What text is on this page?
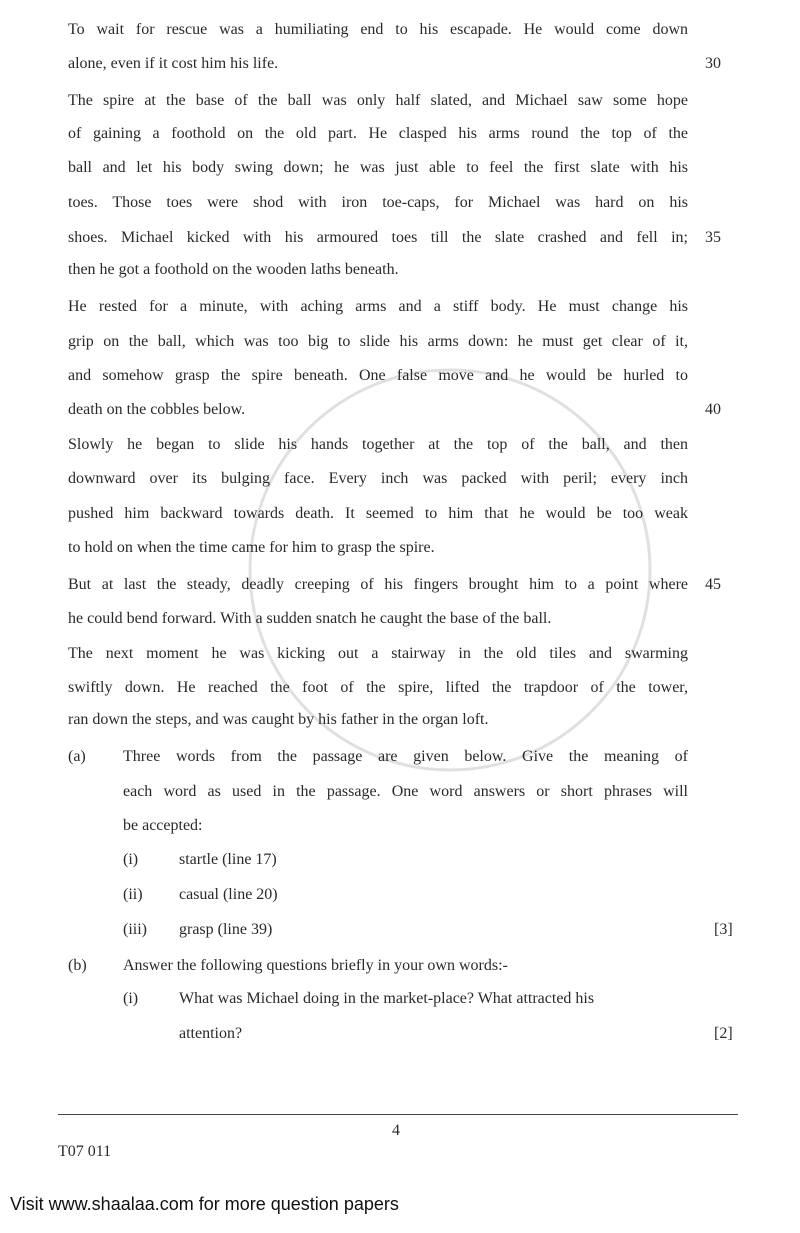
To wait for rescue was a humiliating end to his escapade. He would come down
alone, even if it cost him his life.	30
The spire at the base of the ball was only half slated, and Michael saw some hope
of gaining a foothold on the old part. He clasped his arms round the top of the
ball and let his body swing down; he was just able to feel the first slate with his
toes. Those toes were shod with iron toe-caps, for Michael was hard on his
shoes. Michael kicked with his armoured toes till the slate crashed and fell in; 35
then he got a foothold on the wooden laths beneath.
He rested for a minute, with aching arms and a stiff body. He must change his
grip on the ball, which was too big to slide his arms down: he must get clear of it,
and somehow grasp the spire beneath. One false move and he would be hurled to
death on the cobbles below.	40
Slowly he began to slide his hands together at the top of the ball, and then
downward over its bulging face. Every inch was packed with peril; every inch
pushed him backward towards death. It seemed to him that he would be too weak
to hold on when the time came for him to grasp the spire.
But at last the steady, deadly creeping of his fingers brought him to a point where 45
he could bend forward. With a sudden snatch he caught the base of the ball.
The next moment he was kicking out a stairway in the old tiles and swarming
swiftly down. He reached the foot of the spire, lifted the trapdoor of the tower,
ran down the steps, and was caught by his father in the organ loft.
(a) Three words from the passage are given below. Give the meaning of
each word as used in the passage. One word answers or short phrases will
be accepted:
(i)	startle (line 17)
(ii) casual (line 20)
(iii) grasp (line 39)	[3]
(b) Answer the following questions briefly in your own words:-
(i)	What was Michael doing in the market-place? What attracted his
attention?	[2]
4
T07 011
Visit www.shaalaa.com for more question papers
